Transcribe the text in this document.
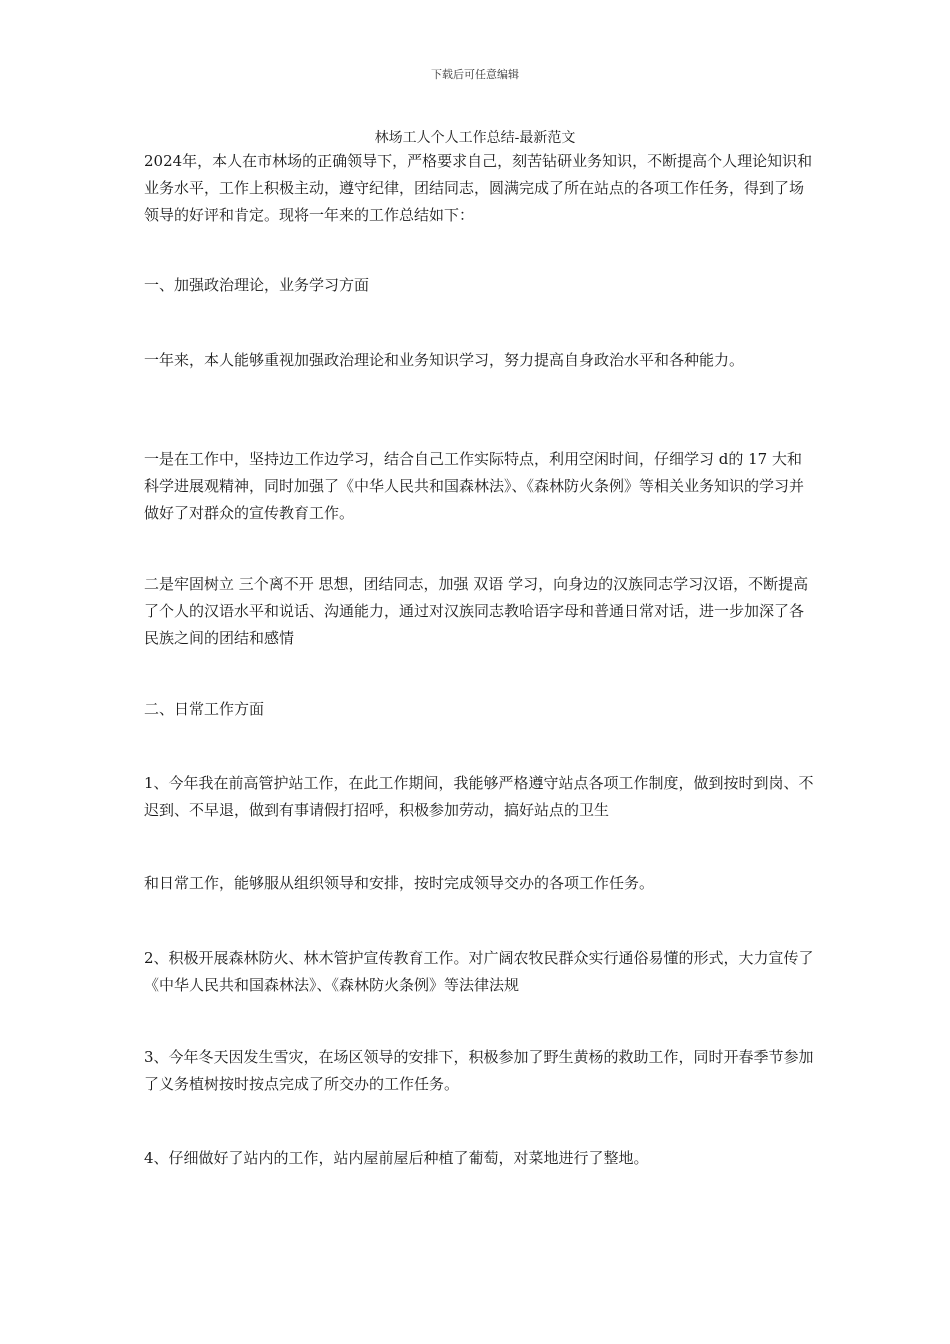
下载后可任意编辑
林场工人个人工作总结-最新范文

2024年，本人在市林场的正确领导下，严格要求自己，刻苦钻研业务知识，不断提高个人理论知识和业务水平，工作上积极主动，遵守纪律，团结同志，圆满完成了所在站点的各项工作任务，得到了场领导的好评和肯定。现将一年来的工作总结如下：

一、加强政治理论，业务学习方面

一年来，本人能够重视加强政治理论和业务知识学习，努力提高自身政治水平和各种能力。

一是在工作中，坚持边工作边学习，结合自己工作实际特点，利用空闲时间，仔细学习 d的 17 大和科学进展观精神，同时加强了《中华人民共和国森林法》、《森林防火条例》等相关业务知识的学习并做好了对群众的宣传教育工作。

二是牢固树立 三个离不开 思想，团结同志，加强 双语 学习，向身边的汉族同志学习汉语，不断提高了个人的汉语水平和说话、沟通能力，通过对汉族同志教哈语字母和普通日常对话，进一步加深了各民族之间的团结和感情

二、日常工作方面

1、今年我在前高管护站工作，在此工作期间，我能够严格遵守站点各项工作制度，做到按时到岗、不迟到、不早退，做到有事请假打招呼，积极参加劳动，搞好站点的卫生

和日常工作，能够服从组织领导和安排，按时完成领导交办的各项工作任务。

2、积极开展森林防火、林木管护宣传教育工作。对广阔农牧民群众实行通俗易懂的形式，大力宣传了《中华人民共和国森林法》、《森林防火条例》等法律法规

3、今年冬天因发生雪灾，在场区领导的安排下，积极参加了野生黄杨的救助工作，同时开春季节参加了义务植树按时按点完成了所交办的工作任务。

4、仔细做好了站内的工作，站内屋前屋后种植了葡萄，对菜地进行了整地。
